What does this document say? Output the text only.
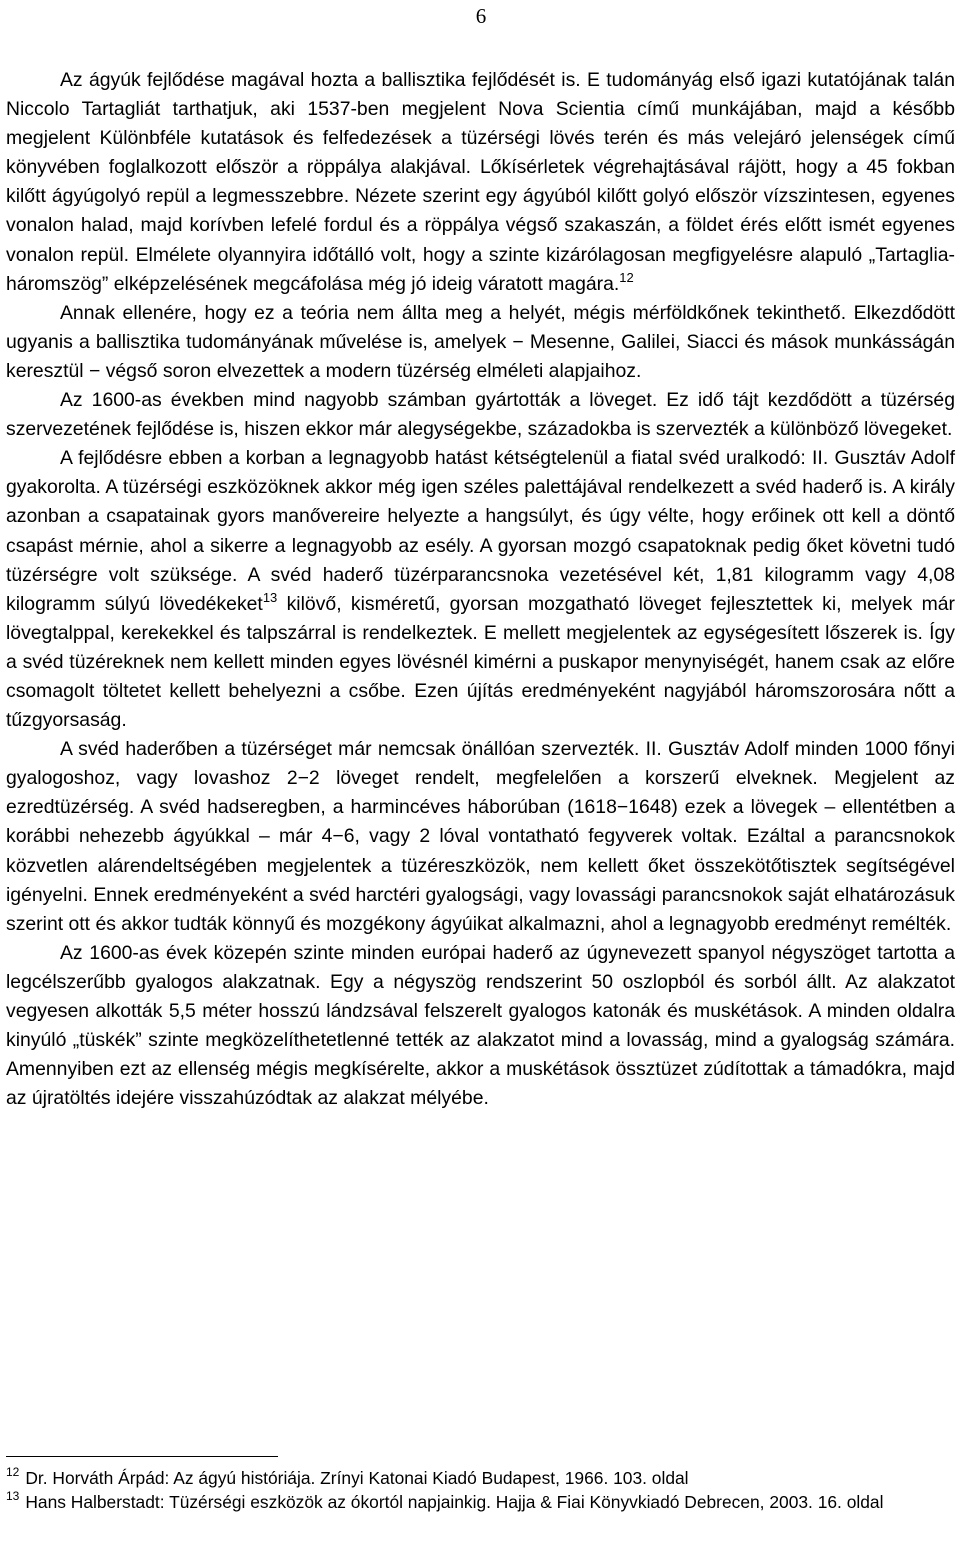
6

Az ágyúk fejlődése magával hozta a ballisztika fejlődését is. E tudományág első igazi kutatójának talán Niccolo Tartagliát tarthatjuk, aki 1537-ben megjelent Nova Scientia című munkájában, majd a később megjelent Különbféle kutatások és felfedezések a tüzérségi lövés terén és más velejáró jelenségek című könyvében foglalkozott először a röppálya alakjával. Lőkísérletek végrehajtásával rájött, hogy a 45 fokban kilőtt ágyúgolyó repül a legmesszebbre. Nézete szerint egy ágyúból kilőtt golyó először vízszintesen, egyenes vonalon halad, majd korívben lefelé fordul és a röppálya végső szakaszán, a földet érés előtt ismét egyenes vonalon repül. Elmélete olyannyira időtálló volt, hogy a szinte kizárólagosan megfigyelésre alapuló „Tartaglia-háromszög” elképzelésének megcáfolása még jó ideig váratott magára.$^{12}$

Annak ellenére, hogy ez a teória nem állta meg a helyét, mégis mérföldkőnek tekinthető. Elkezdődött ugyanis a ballisztika tudományának művelése is, amelyek − Mesenne, Galilei, Siacci és mások munkásságán keresztül − végső soron elvezettek a modern tüzérség elméleti alapjaihoz.

Az 1600-as években mind nagyobb számban gyártották a löveget. Ez idő tájt kezdődött a tüzérség szervezetének fejlődése is, hiszen ekkor már alegységekbe, századokba is szervezték a különböző lövegeket.

A fejlődésre ebben a korban a legnagyobb hatást kétségtelenül a fiatal svéd uralkodó: II. Gusztáv Adolf gyakorolta. A tüzérségi eszközöknek akkor még igen széles palettájával rendelkezett a svéd haderő is. A király azonban a csapatainak gyors manővereire helyezte a hangsúlyt, és úgy vélte, hogy erőinek ott kell a döntő csapást mérnie, ahol a sikerre a legnagyobb az esély. A gyorsan mozgó csapatoknak pedig őket követni tudó tüzérségre volt szüksége. A svéd haderő tüzérparancsnoka vezetésével két, 1,81 kilogramm vagy 4,08 kilogramm súlyú lövedékeket$^{13}$ kilövő, kisméretű, gyorsan mozgatható löveget fejlesztettek ki, melyek már lövegtalppal, kerekekkel és talpszárral is rendelkeztek. E mellett megjelentek az egységesített lőszerek is. Így a svéd tüzéreknek nem kellett minden egyes lövésnél kimérni a puskapor menynyiségét, hanem csak az előre csomagolt töltetet kellett behelyezni a csőbe. Ezen újítás eredményeként nagyjából háromszorosára nőtt a tűzgyorsaság.

A svéd haderőben a tüzérséget már nemcsak önállóan szervezték. II. Gusztáv Adolf minden 1000 főnyi gyalogoshoz, vagy lovashoz 2−2 löveget rendelt, megfelelően a korszerű elveknek. Megjelent az ezredtüzérség. A svéd hadseregben, a harmincéves háborúban (1618−1648) ezek a lövegek – ellentétben a korábbi nehezebb ágyúkkal – már 4−6, vagy 2 lóval vontatható fegyverek voltak. Ezáltal a parancsnokok közvetlen alárendeltségében megjelentek a tüzéreszközök, nem kellett őket összekötőtisztek segítségével igényelni. Ennek eredményeként a svéd harctéri gyalogsági, vagy lovassági parancsnokok saját elhatározásuk szerint ott és akkor tudták könnyű és mozgékony ágyúikat alkalmazni, ahol a legnagyobb eredményt remélték.

Az 1600-as évek közepén szinte minden európai haderő az úgynevezett spanyol négyszöget tartotta a legcélszerűbb gyalogos alakzatnak. Egy a négyszög rendszerint 50 oszlopból és sorból állt. Az alakzatot vegyesen alkották 5,5 méter hosszú lándzsával felszerelt gyalogos katonák és muskétások. A minden oldalra kinyúló „tüskék” szinte megközelíthetetlenné tették az alakzatot mind a lovasság, mind a gyalogság számára. Amennyiben ezt az ellenség mégis megkísérelte, akkor a muskétások össztüzet zúdítottak a támadókra, majd az újratöltés idejére visszahúzódtak az alakzat mélyébe.

$^{12}$ Dr. Horváth Árpád: Az ágyú históriája. Zrínyi Katonai Kiadó Budapest, 1966. 103. oldal

$^{13}$ Hans Halberstadt: Tüzérségi eszközök az ókortól napjainkig. Hajja & Fiai Könyvkiadó Debrecen, 2003. 16. oldal
